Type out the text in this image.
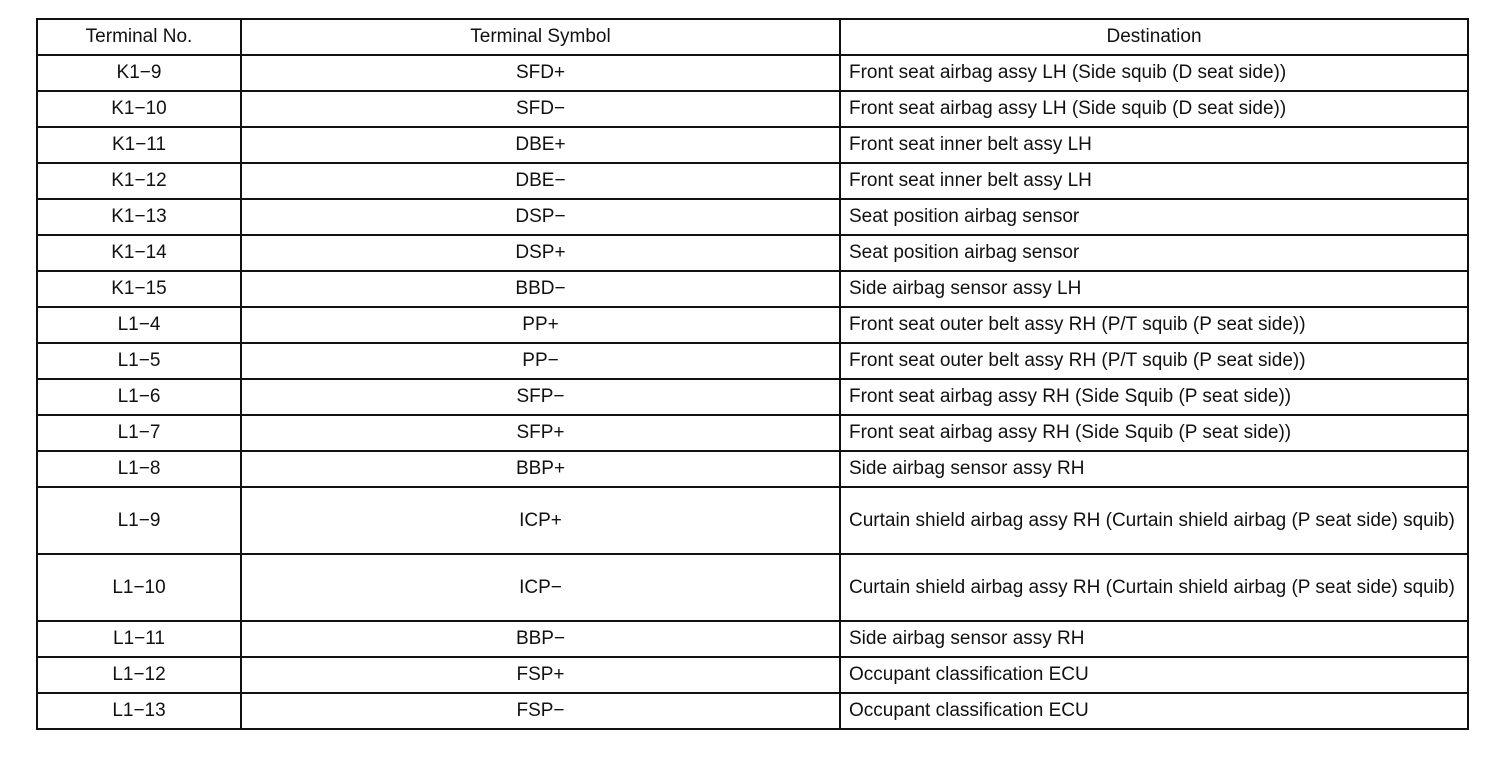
Terminal No.	Terminal Symbol	Destination
K1−9	SFD+	Front seat airbag assy LH (Side squib (D seat side))
K1−10	SFD−	Front seat airbag assy LH (Side squib (D seat side))
K1−11	DBE+	Front seat inner belt assy LH
K1−12	DBE−	Front seat inner belt assy LH
K1−13	DSP−	Seat position airbag sensor
K1−14	DSP+	Seat position airbag sensor
K1−15	BBD−	Side airbag sensor assy LH
L1−4	PP+	Front seat outer belt assy RH (P/T squib (P seat side))
L1−5	PP−	Front seat outer belt assy RH (P/T squib (P seat side))
L1−6	SFP−	Front seat airbag assy RH (Side Squib (P seat side))
L1−7	SFP+	Front seat airbag assy RH (Side Squib (P seat side))
L1−8	BBP+	Side airbag sensor assy RH
L1−9	ICP+	Curtain shield airbag assy RH (Curtain shield airbag (P seat side) squib)
L1−10	ICP−	Curtain shield airbag assy RH (Curtain shield airbag (P seat side) squib)
L1−11	BBP−	Side airbag sensor assy RH
L1−12	FSP+	Occupant classification ECU
L1−13	FSP−	Occupant classification ECU
